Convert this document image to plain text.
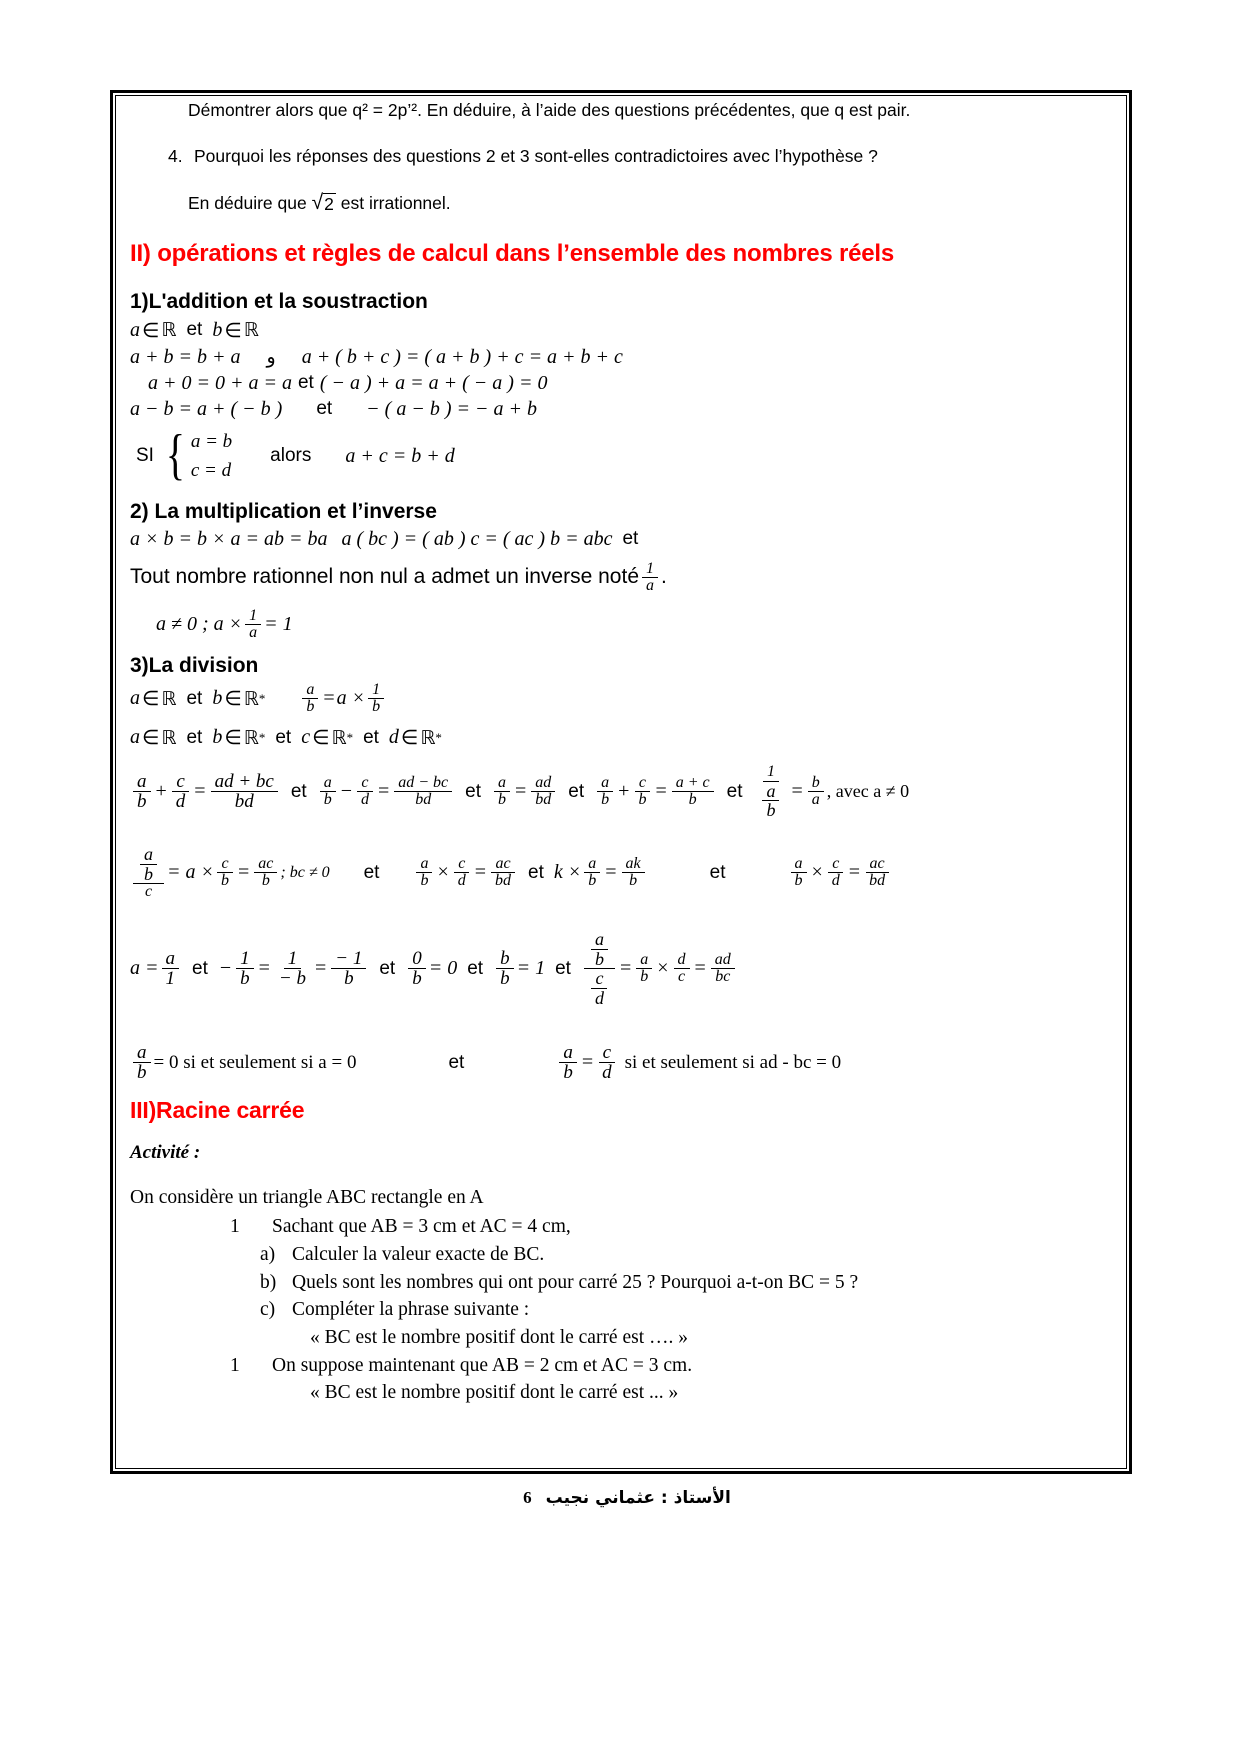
Démontrer alors que q² = 2p’². En déduire, à l’aide des questions précédentes, que q est pair.

4. Pourquoi les réponses des questions 2 et 3 sont-elles contradictoires avec l’hypothèse ?

En déduire que √ 2 est irrationnel.

II) opérations et règles de calcul dans l’ensemble des nombres réels
1)L'addition et la soustraction
a ∈ ℝ et b ∈ ℝ
a + b = b + a	و	a + ( b + c ) = ( a + b ) + c = a + b + c
a + 0 = 0 + a = a et ( − a ) + a = a + ( − a ) = 0
a − b = a + ( − b )	et	− ( a − b ) = − a + b
SI { a = b
c = d
alors	a + c = b + d
2) La multiplication et l’inverse
a × b = b × a = ab = ba a ( bc ) = ( ab ) c = ( ac ) b = abc et
Tout nombre rationnel non nul a admet un inverse noté $\frac{1}{a}$ .
a ≠ 0 ; $a \times \frac{1}{a} = 1$
3)La division
a ∈ ℝ et b ∈ ℝ * $\frac{a}{b} = a \times \frac{1}{b}$
a ∈ ℝ et b ∈ ℝ * et c ∈ ℝ * et d ∈ ℝ *
$\frac{a}{b} + \frac{c}{d} = \frac{ad + bc}{bd}$ et $\frac{a}{b} - \frac{c}{d} = \frac{ad - bc}{bd}$ et $\frac{a}{b} = \frac{ad}{bd}$ et $\frac{a}{b} + \frac{c}{b} = \frac{a + c}{b}$ et $\frac{1}{\frac{a}{b}} = \frac{b}{a}$ , avec a ≠ 0
$\frac{\frac{a}{b}}{c} = a \times \frac{c}{b} = \frac{ac}{b}$ ; bc ≠ 0	et	$\frac{a}{b} \times \frac{c}{d} = \frac{ac}{bd}$ et $k \times \frac{a}{b} = \frac{ak}{b}$	et	$\frac{a}{b} \times \frac{c}{d} = \frac{ac}{bd}$
$a = \frac{a}{1}$ et − $\frac{1}{b} = \frac{1}{- b} = \frac{- 1}{b}$ et $\frac{0}{b} = 0$ et $\frac{b}{b} = 1$ et $\frac{\frac{a}{b}}{\frac{c}{d}} = \frac{a}{b} \times \frac{d}{c} = \frac{ad}{bc}$
$\frac{a}{b} = 0$ si et seulement si a = 0	et	$\frac{a}{b} = \frac{c}{d}$ si et seulement si ad - bc = 0
III)Racine carrée

Activité :

On considère un triangle ABC rectangle en A

1 Sachant que AB = 3 cm et AC = 4 cm,

a) Calculer la valeur exacte de BC.

b) Quels sont les nombres qui ont pour carré 25 ? Pourquoi a-t-on BC = 5 ?

c) Compléter la phrase suivante :

« BC est le nombre positif dont le carré est …. »

1 On suppose maintenant que AB = 2 cm et AC = 3 cm.

« BC est le nombre positif dont le carré est ... »

الأستاذ : عثماني نجيب6
